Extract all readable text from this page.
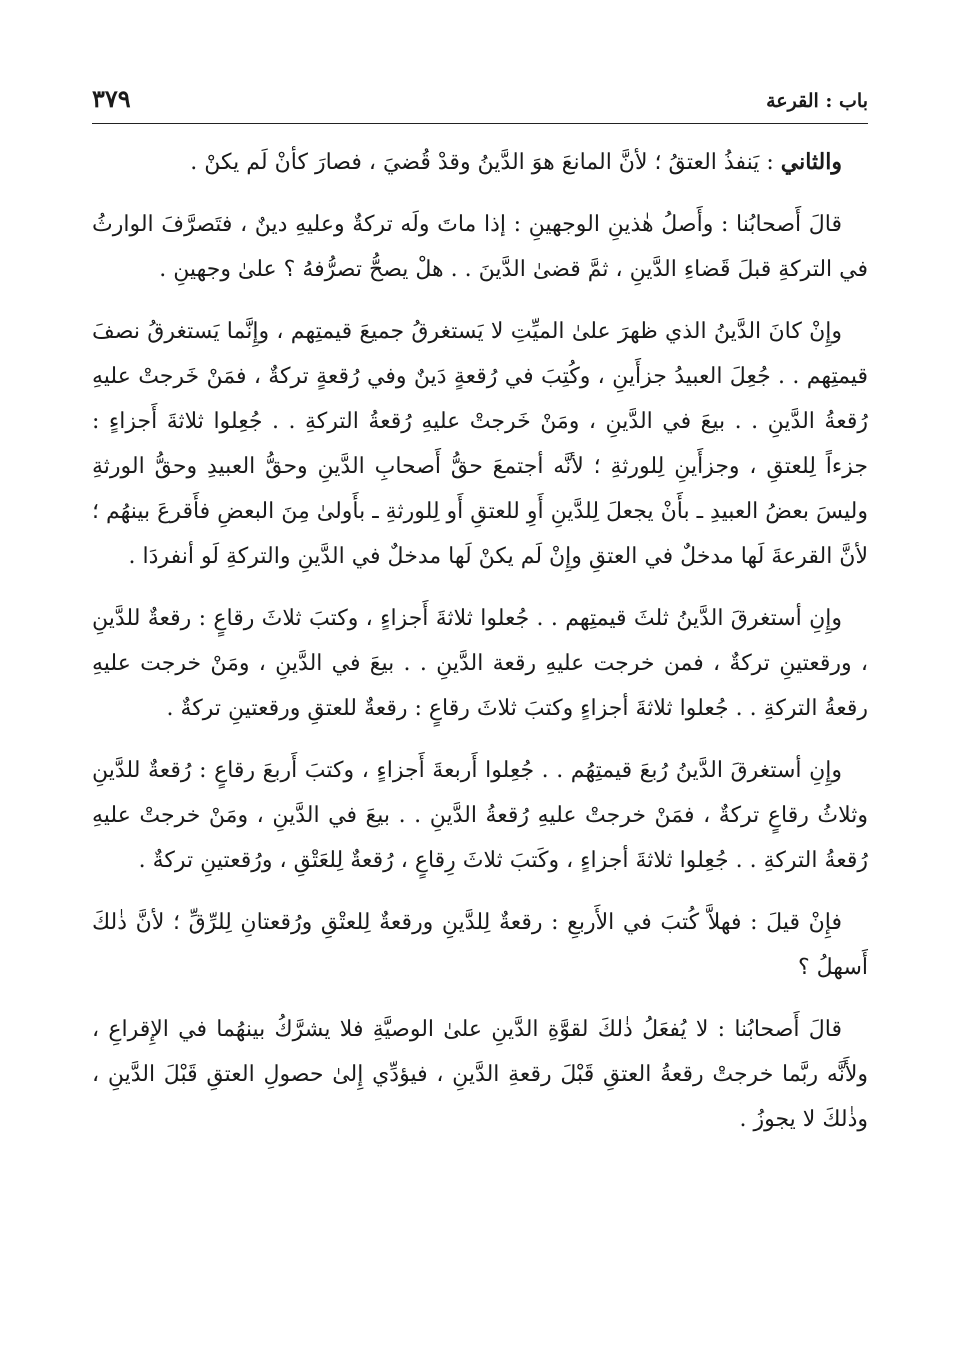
باب : القرعة
٣٧٩

والثاني : يَنفذُ العتقُ ؛ لأنَّ المانعَ هوَ الدَّينُ وقدْ قُضيَ ، فصارَ كأنْ لَم يكنْ .

قالَ أَصحابُنا : وأَصلُ هٰذينِ الوجهينِ : إذا ماتَ ولَه تركةٌ وعليهِ دينٌ ، فتَصرَّفَ الوارثُ في التركةِ قبلَ قَضاءِ الدَّينِ ، ثمَّ قضىٰ الدَّينَ . . هلْ يصحُّ تصرُّفهُ ؟ علىٰ وجهينِ .

وإِنْ كانَ الدَّينُ الذي ظهرَ علىٰ الميِّتِ لا يَستغرقُ جميعَ قيمتِهم ، وإِنَّما يَستغرقُ نصفَ قيمتِهم . . جُعِلَ العبيدُ جزأَينِ ، وكُتِبَ في رُقعةٍ دَينٌ وفي رُقعةٍ تركةٌ ، فمَنْ خَرجتْ عليهِ رُقعةُ الدَّينِ . . بيعَ في الدَّينِ ، ومَنْ خَرجتْ عليهِ رُقعةُ التركةِ . . جُعِلوا ثلاثةَ أَجزاءٍ : جزءاً لِلعتقِ ، وجزأَينِ لِلورثةِ ؛ لأنَّه أجتمعَ حقُّ أَصحابِ الدَّينِ وحقُّ العبيدِ وحقُّ الورثةِ وليسَ بعضُ العبيدِ ـ بأَنْ يجعلَ لِلدَّينِ أَوِ للعتقِ أَو لِلورثةِ ـ بأَولىٰ مِنَ البعضِ فأَقرعَ بينهُم ؛ لأنَّ القرعةَ لَها مدخلٌ في العتقِ وإِنْ لَم يكنْ لَها مدخلٌ في الدَّينِ والتركةِ لَو أنفردَا .

وإِنِ أستغرقَ الدَّينُ ثلثَ قيمتِهم . . جُعلوا ثلاثةَ أَجزاءٍ ، وكتبَ ثلاثَ رقاعٍ : رقعةٌ للدَّينِ ، ورقعتينِ تركةٌ ، فمن خرجت عليهِ رقعة الدَّينِ . . بيعَ في الدَّينِ ، ومَنْ خرجت عليهِ رقعةُ التركةِ . . جُعلوا ثلاثةَ أجزاءٍ وكتبَ ثلاثَ رقاعٍ : رقعةٌ للعتقِ ورقعتينِ تركةٌ .

وإِنِ أستغرقَ الدَّينُ رُبعَ قيمتِهُم . . جُعِلوا أَربعةَ أَجزاءٍ ، وكتبَ أَربعَ رقاعٍ : رُقعةٌ للدَّينِ وثلاثُ رقاعٍ تركةٌ ، فمَنْ خرجتْ عليهِ رُقعةُ الدَّينِ . . بيعَ في الدَّينِ ، ومَنْ خرجتْ عليهِ رُقعةُ التركةِ . . جُعِلوا ثلاثةَ أجزاءٍ ، وكَتبَ ثلاثَ رِقاعٍ ، رُقعةٌ لِلعَتْقِ ، ورُقعتينِ تركةٌ .

فإِنْ قيلَ : فهلاَّ كُتبَ في الأَربعِ : رقعةٌ لِلدَّينِ ورقعةٌ لِلعتْقِ ورُقعتانِ لِلرِّقِّ ؛ لأنَّ ذٰلكَ أَسهلُ ؟

قالَ أَصحابُنا : لا يُفعَلُ ذٰلكَ لقوَّةِ الدَّينِ علىٰ الوصيَّةِ فلا يشرَّكُ بينهُما في الإِقراعِ ، ولأَنَّه ربَّما خرجتْ رقعةُ العتقِ قَبْلَ رقعةِ الدَّينِ ، فيؤدِّي إِلىٰ حصولِ العتقِ قَبْلَ الدَّينِ ، وذٰلكَ لا يجوزُ .
